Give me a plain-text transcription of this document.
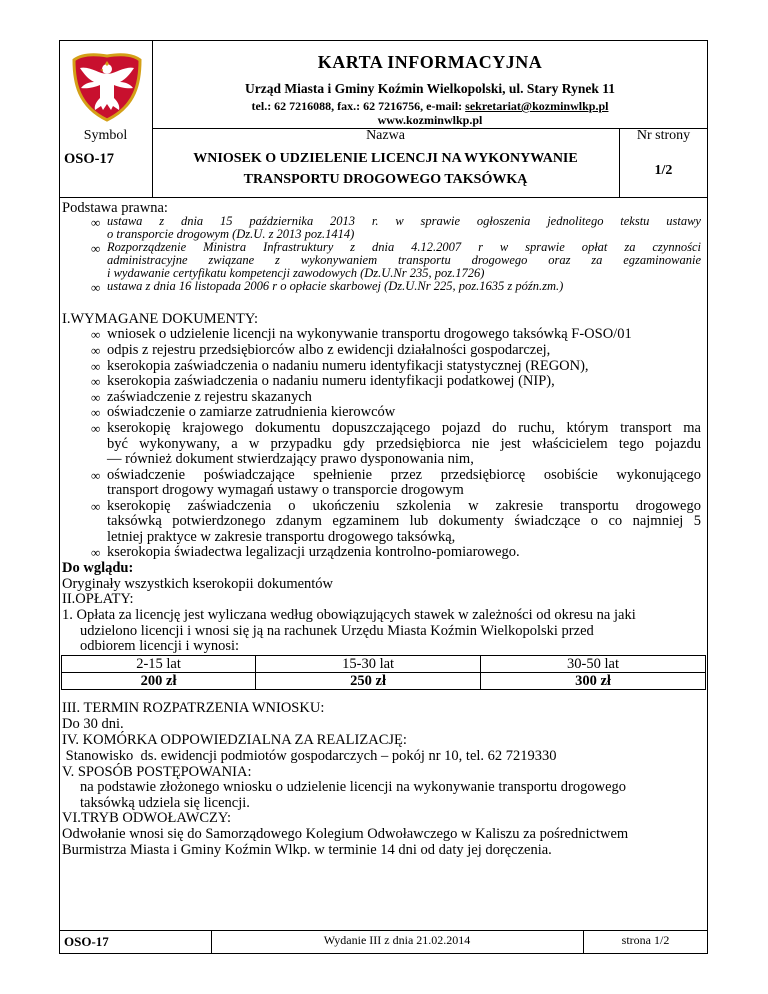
KARTA INFORMACYJNA
Urząd Miasta i Gminy Koźmin Wielkopolski, ul. Stary Rynek 11
tel.: 62 7216088, fax.: 62 7216756, e-mail: sekretariat@kozminwlkp.pl
www.kozminwlkp.pl
Symbol	Nazwa	Nr strony
OSO-17	WNIOSEK O UDZIELENIE LICENCJI NA WYKONYWANIE
TRANSPORTU DROGOWEGO TAKSÓWKĄ
1/2
Podstawa prawna:
∞ ustawa z dnia 15 października 2013 r. w sprawie ogłoszenia jednolitego tekstu ustawy
o transporcie drogowym (Dz.U. z 2013 poz.1414)
∞ Rozporządzenie Ministra Infrastruktury z dnia 4.12.2007 r w sprawie opłat za czynności
administracyjne związane z wykonywaniem transportu drogowego oraz za egzaminowanie
i wydawanie certyfikatu kompetencji zawodowych (Dz.U.Nr 235, poz.1726)
∞ ustawa z dnia 16 listopada 2006 r o opłacie skarbowej (Dz.U.Nr 225, poz.1635 z późn.zm.)
I.WYMAGANE DOKUMENTY:
∞ wniosek o udzielenie licencji na wykonywanie transportu drogowego taksówką F-OSO/01
∞ odpis z rejestru przedsiębiorców albo z ewidencji działalności gospodarczej,
∞ kserokopia zaświadczenia o nadaniu numeru identyfikacji statystycznej (REGON),
∞ kserokopia zaświadczenia o nadaniu numeru identyfikacji podatkowej (NIP),
∞ zaświadczenie z rejestru skazanych
∞ oświadczenie o zamiarze zatrudnienia kierowców
∞ kserokopię krajowego dokumentu dopuszczającego pojazd do ruchu, którym transport ma
być wykonywany, a w przypadku gdy przedsiębiorca nie jest właścicielem tego pojazdu
— również dokument stwierdzający prawo dysponowania nim,
∞ oświadczenie poświadczające spełnienie przez przedsiębiorcę osobiście wykonującego
transport drogowy wymagań ustawy o transporcie drogowym
∞ kserokopię zaświadczenia o ukończeniu szkolenia w zakresie transportu drogowego
taksówką potwierdzonego zdanym egzaminem lub dokumenty świadczące o co najmniej 5
letniej praktyce w zakresie transportu drogowego taksówką,
∞ kserokopia świadectwa legalizacji urządzenia kontrolno-pomiarowego.
Do wglądu:
Oryginały wszystkich kserokopii dokumentów
II.OPŁATY:
1. Opłata za licencję jest wyliczana według obowiązujących stawek w zależności od okresu na jaki
udzielono licencji i wnosi się ją na rachunek Urzędu Miasta Koźmin Wielkopolski przed
odbiorem licencji i wynosi:
2-15 lat	15-30 lat	30-50 lat
200 zł	250 zł	300 zł
III. TERMIN ROZPATRZENIA WNIOSKU:
Do 30 dni.
IV. KOMÓRKA ODPOWIEDZIALNA ZA REALIZACJĘ:
Stanowisko  ds. ewidencji podmiotów gospodarczych – pokój nr 10, tel. 62 7219330
V. SPOSÓB POSTĘPOWANIA:
na podstawie złożonego wniosku o udzielenie licencji na wykonywanie transportu drogowego
taksówką udziela się licencji.
VI.TRYB ODWOŁAWCZY:
Odwołanie wnosi się do Samorządowego Kolegium Odwoławczego w Kaliszu za pośrednictwem
Burmistrza Miasta i Gminy Koźmin Wlkp. w terminie 14 dni od daty jej doręczenia.
OSO-17	Wydanie III z dnia 21.02.2014	strona 1/2
